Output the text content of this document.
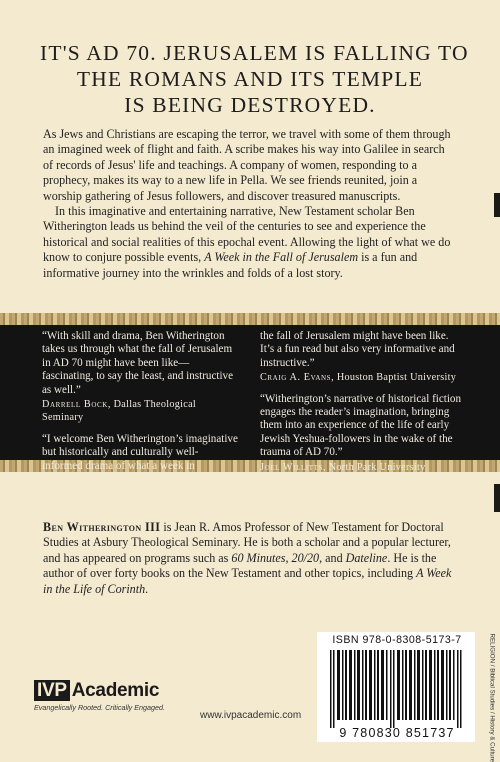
IT'S AD 70. JERUSALEM IS FALLING TO
THE ROMANS AND ITS TEMPLE
IS BEING DESTROYED.

As Jews and Christians are escaping the terror, we travel with some of them through an imagined week of flight and faith. A scribe makes his way into Galilee in search of records of Jesus' life and teachings. A company of women, responding to a prophecy, makes its way to a new life in Pella. We see friends reunited, join a worship gathering of Jesus followers, and discover treasured manuscripts.

In this imaginative and entertaining narrative, New Testament scholar Ben Witherington leads us behind the veil of the centuries to see and experience the historical and social realities of this epochal event. Allowing the light of what we do know to conjure possible events, A Week in the Fall of Jerusalem is a fun and informative journey into the wrinkles and folds of a lost story.

“With skill and drama, Ben Witherington takes us through what the fall of Jerusalem in AD 70 might have been like—fascinating, to say the least, and instructive as well.”
Darrell Bock, Dallas Theological Seminary

“I welcome Ben Witherington’s imaginative but historically and culturally well-informed drama of what a week in

the fall of Jerusalem might have been like. It’s a fun read but also very informative and instructive.”
Craig A. Evans, Houston Baptist University

“Witherington’s narrative of historical fiction engages the reader’s imagination, bringing them into an experience of the life of early Jewish Yeshua-followers in the wake of the trauma of AD 70.”
Joel Willitts, North Park University

Ben Witherington III is Jean R. Amos Professor of New Testament for Doctoral Studies at Asbury Theological Seminary. He is both a scholar and a popular lecturer, and has appeared on programs such as 60 Minutes, 20/20, and Dateline. He is the author of over forty books on the New Testament and other topics, including A Week in the Life of Corinth.

IVP Academic
Evangelically Rooted. Critically Engaged.
www.ivpacademic.com
ISBN 978-0-8308-5173-7
9 780830 851737	RELIGION / Biblical Studies / History & Culture
